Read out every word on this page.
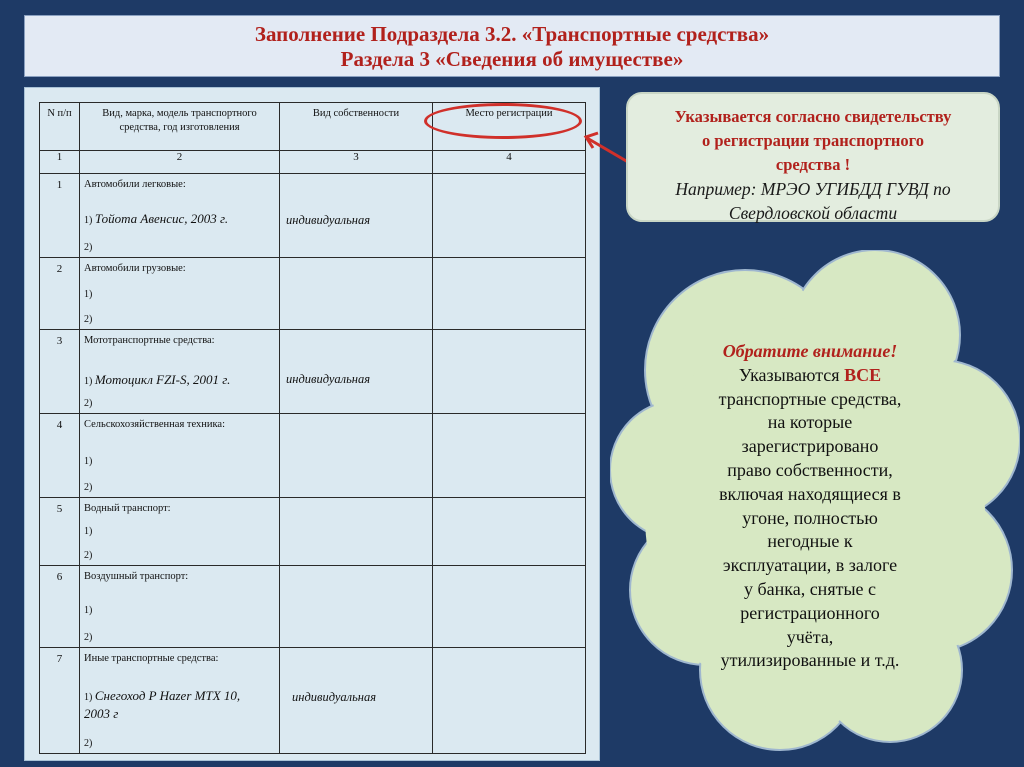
Заполнение Подраздела 3.2. «Транспортные средства»
Раздела 3 «Сведения об имуществе»
N п/п	Вид, марка, модель транспортного средства, год изготовления	Вид собственности	Место регистрации
1	2	3	4
1	Автомобили легковые:
1) Тойота Авенсис, 2003 г.
2)	индивидуальная	

2	Автомобили грузовые:
1)
2)		

3	Мототранспортные средства:
1) Мотоцикл FZI-S, 2001 г.
2)	индивидуальная	

4	Сельскохозяйственная техника:
1)
2)		

5	Водный транспорт:
1)
2)		

6	Воздушный транспорт:
1)
2)		

7	Иные транспортные средства:
1) Снегоход P Hazer MTX 10, 2003 г
2)	индивидуальная	

Указывается согласно свидетельству
о регистрации транспортного
средства !
Например: МРЭО УГИБДД ГУВД по
Свердловской области
Обратите внимание!
Указываются ВСЕ
транспортные средства,
на которые
зарегистрировано
право собственности,
включая находящиеся в
угоне, полностью
негодные к
эксплуатации, в залоге
у банка, снятые с
регистрационного
учёта,
утилизированные и т.д.
